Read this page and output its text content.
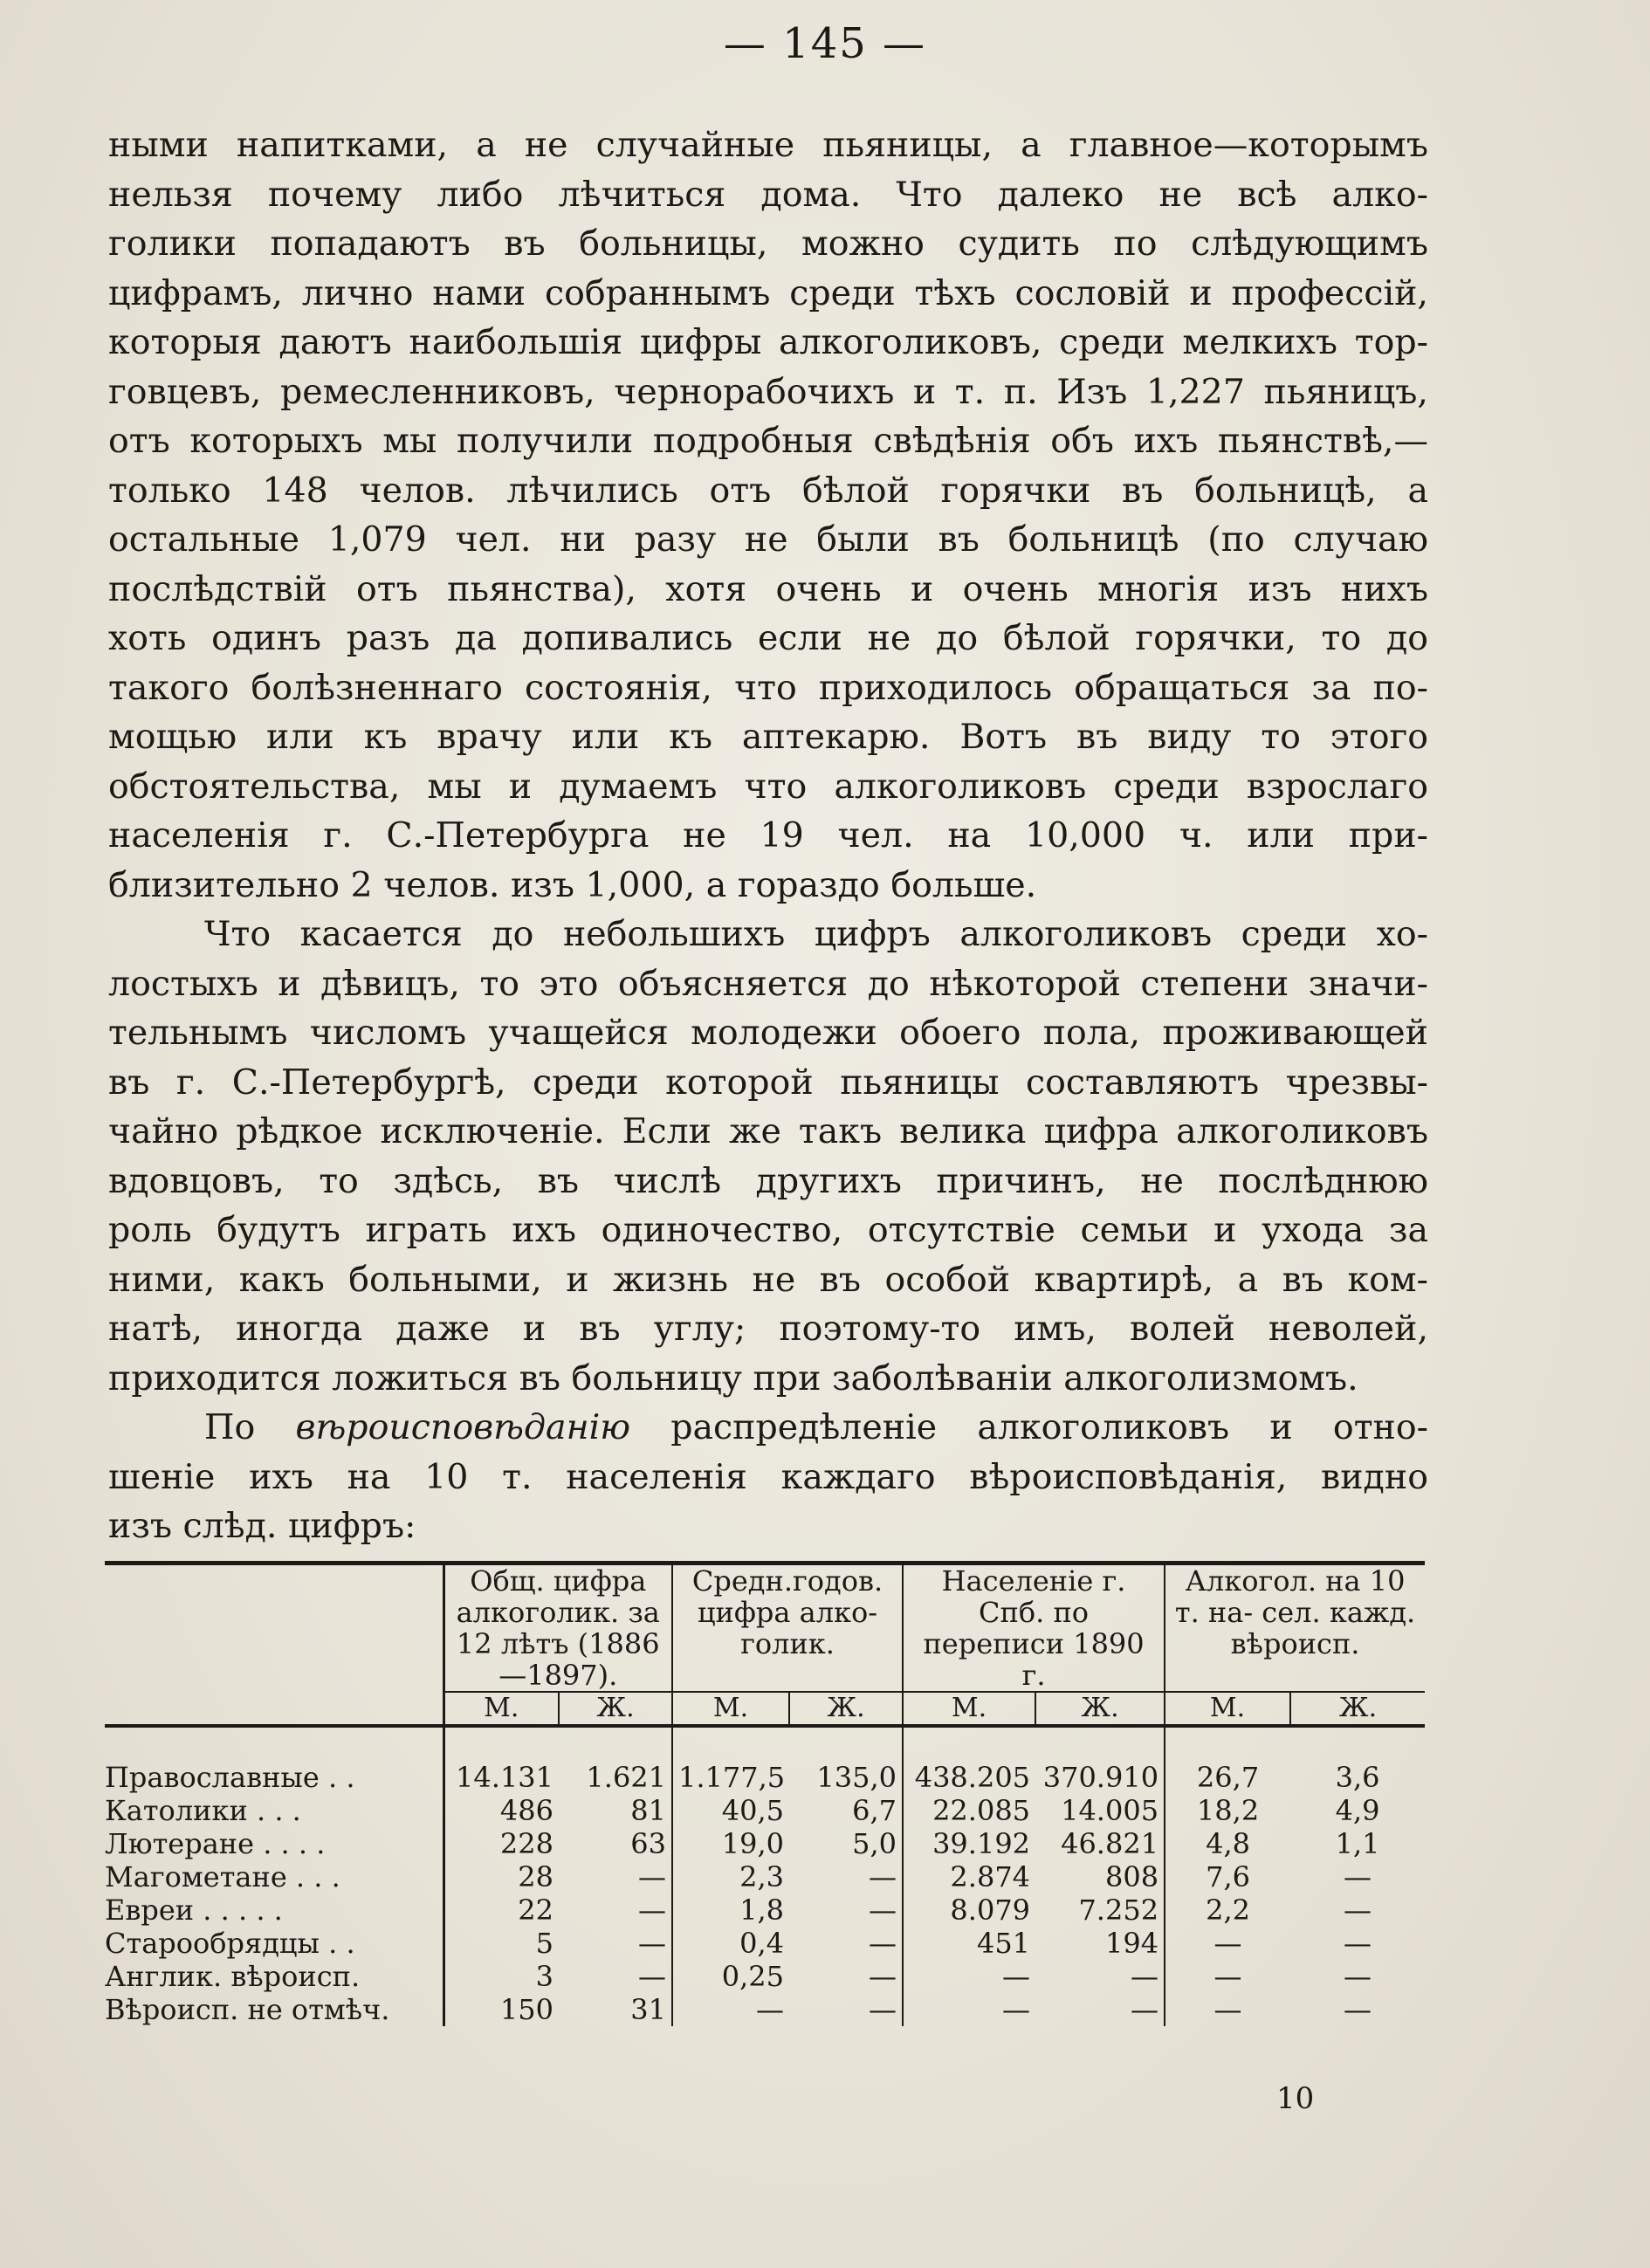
— 145 —
ными напитками, а не случайные пьяницы, а главное—которымъ
нельзя почему либо лѣчиться дома. Что далеко не всѣ алко-
голики попадаютъ въ больницы, можно судить по слѣдующимъ
цифрамъ, лично нами собраннымъ среди тѣхъ сословій и профессій,
которыя даютъ наибольшія цифры алкоголиковъ, среди мелкихъ тор-
говцевъ, ремесленниковъ, чернорабочихъ и т. п. Изъ 1,227 пьяницъ,
отъ которыхъ мы получили подробныя свѣдѣнія объ ихъ пьянствѣ,—
только 148 челов. лѣчились отъ бѣлой горячки въ больницѣ, а
остальные 1,079 чел. ни разу не были въ больницѣ (по случаю
послѣдствій отъ пьянства), хотя очень и очень многія изъ нихъ
хоть одинъ разъ да допивались если не до бѣлой горячки, то до
такого болѣзненнаго состоянія, что приходилось обращаться за по-
мощью или къ врачу или къ аптекарю. Вотъ въ виду то этого
обстоятельства, мы и думаемъ что алкоголиковъ среди взрослаго
населенія г. С.-Петербурга не 19 чел. на 10,000 ч. или при-
близительно 2 челов. изъ 1,000, а гораздо больше.
Что касается до небольшихъ цифръ алкоголиковъ среди хо-
лостыхъ и дѣвицъ, то это объясняется до нѣкоторой степени значи-
тельнымъ числомъ учащейся молодежи обоего пола, проживающей
въ г. С.-Петербургѣ, среди которой пьяницы составляютъ чрезвы-
чайно рѣдкое исключеніе. Если же такъ велика цифра алкоголиковъ
вдовцовъ, то здѣсь, въ числѣ другихъ причинъ, не послѣднюю
роль будутъ играть ихъ одиночество, отсутствіе семьи и ухода за
ними, какъ больными, и жизнь не въ особой квартирѣ, а въ ком-
натѣ, иногда даже и въ углу; поэтому-то имъ, волей неволей,
приходится ложиться въ больницу при заболѣваніи алкоголизмомъ.
По вѣроисповѣданію распредѣленіе алкоголиковъ и отно-
шеніе ихъ на 10 т. населенія каждаго вѣроисповѣданія, видно
изъ слѣд. цифръ:
	Общ. цифра алкоголик. за 12 лѣтъ (1886—1897).		Средн.годов. цифра алко- голик.		Населеніе г. Спб. по переписи 1890 г.		Алкогол. на 10 т. на- сел. кажд. вѣроисп.	
	М.	Ж.	М.	Ж.	М.	Ж.	М.	Ж.

Православные . .	14.131	1.621	1.177,5	135,0	438.205	370.910	26,7	3,6
Католики . . .	486	81	40,5	6,7	22.085	14.005	18,2	4,9
Лютеране . . . .	228	63	19,0	5,0	39.192	46.821	4,8	1,1
Магометане . . .	28	—	2,3	—	2.874	808	7,6	—
Евреи . . . . .	22	—	1,8	—	8.079	7.252	2,2	—
Старообрядцы . .	5	—	0,4	—	451	194	—	—
Англик. вѣроисп.	3	—	0,25	—	—	—	—	—
Вѣроисп. не отмѣч.	150	31	—	—	—	—	—	—
10
